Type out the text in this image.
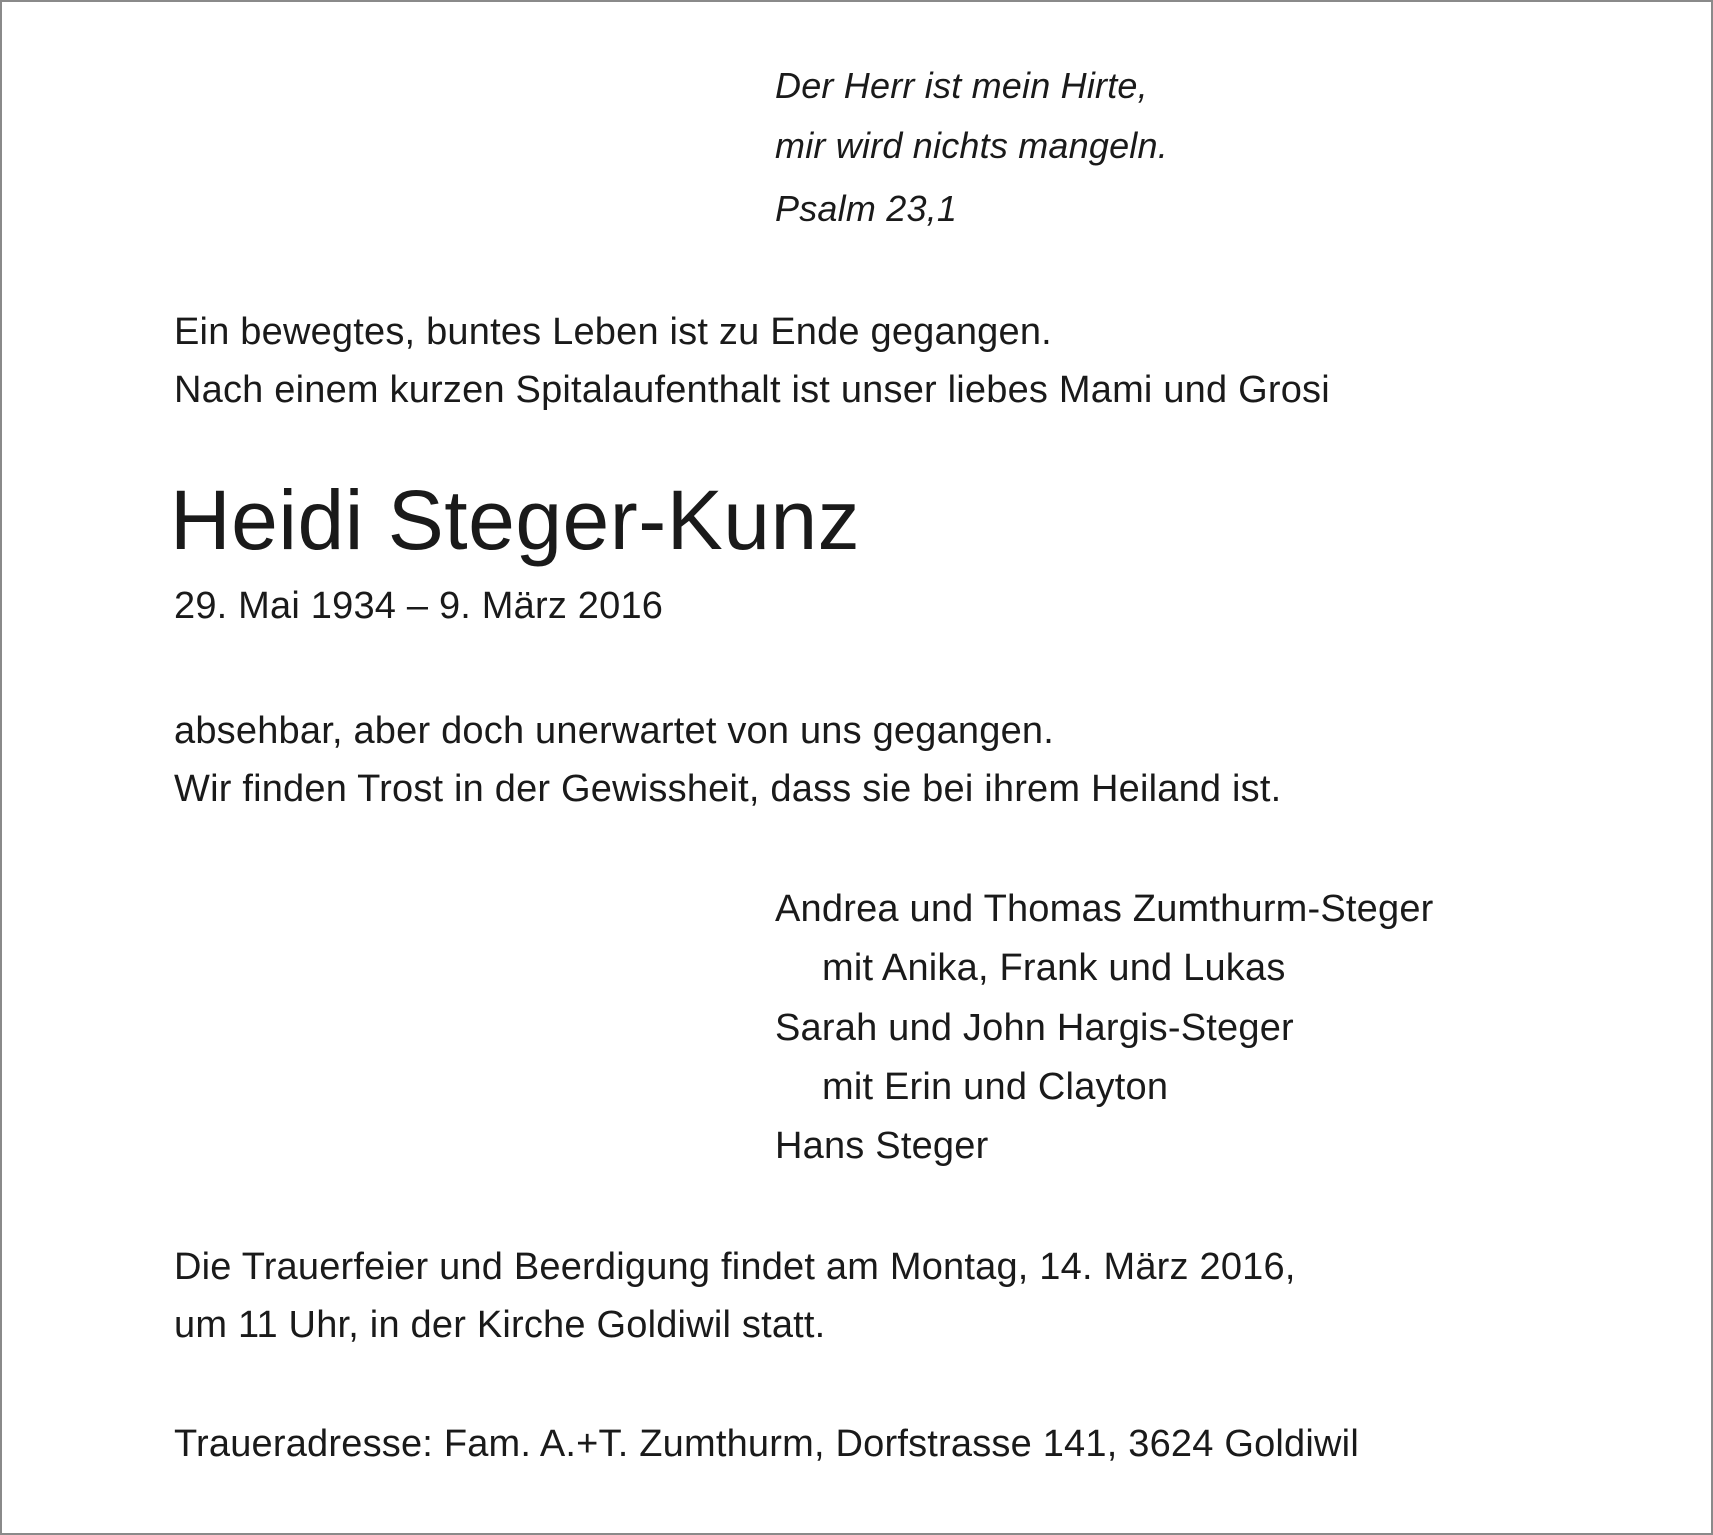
Der Herr ist mein Hirte,
mir wird nichts mangeln.
Psalm 23,1
Ein bewegtes, buntes Leben ist zu Ende gegangen.
Nach einem kurzen Spitalaufenthalt ist unser liebes Mami und Grosi
Heidi Steger-Kunz
29. Mai 1934 – 9. März 2016
absehbar, aber doch unerwartet von uns gegangen.
Wir finden Trost in der Gewissheit, dass sie bei ihrem Heiland ist.
Andrea und Thomas Zumthurm-Steger
mit Anika, Frank und Lukas
Sarah und John Hargis-Steger
mit Erin und Clayton
Hans Steger
Die Trauerfeier und Beerdigung findet am Montag, 14. März 2016,
um 11 Uhr, in der Kirche Goldiwil statt.
Traueradresse: Fam. A.+T. Zumthurm, Dorfstrasse 141, 3624 Goldiwil
